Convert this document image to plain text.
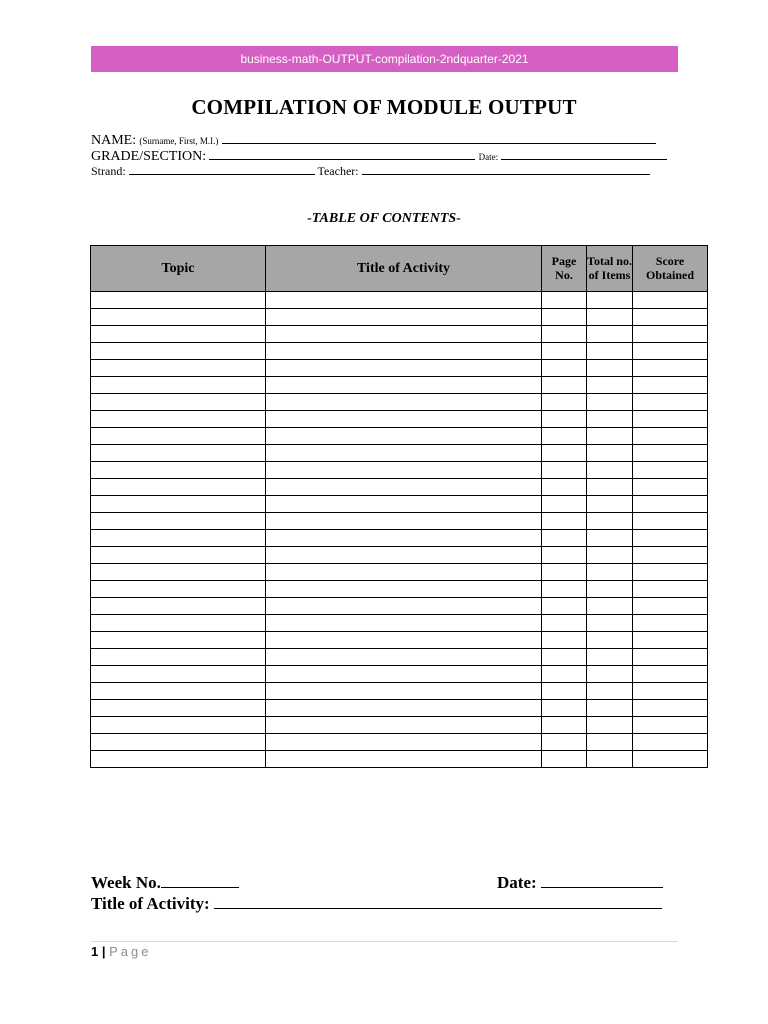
business-math-OUTPUT-compilation-2ndquarter-2021
COMPILATION OF MODULE OUTPUT
NAME: (Surname, First, M.I.)
GRADE/SECTION:	Date:
Strand:	Teacher:
-TABLE OF CONTENTS-
Topic	Title of Activity	Page No.	Total no. of Items	Score Obtained

Week No.	Date:
Title of Activity:
1 | Page
